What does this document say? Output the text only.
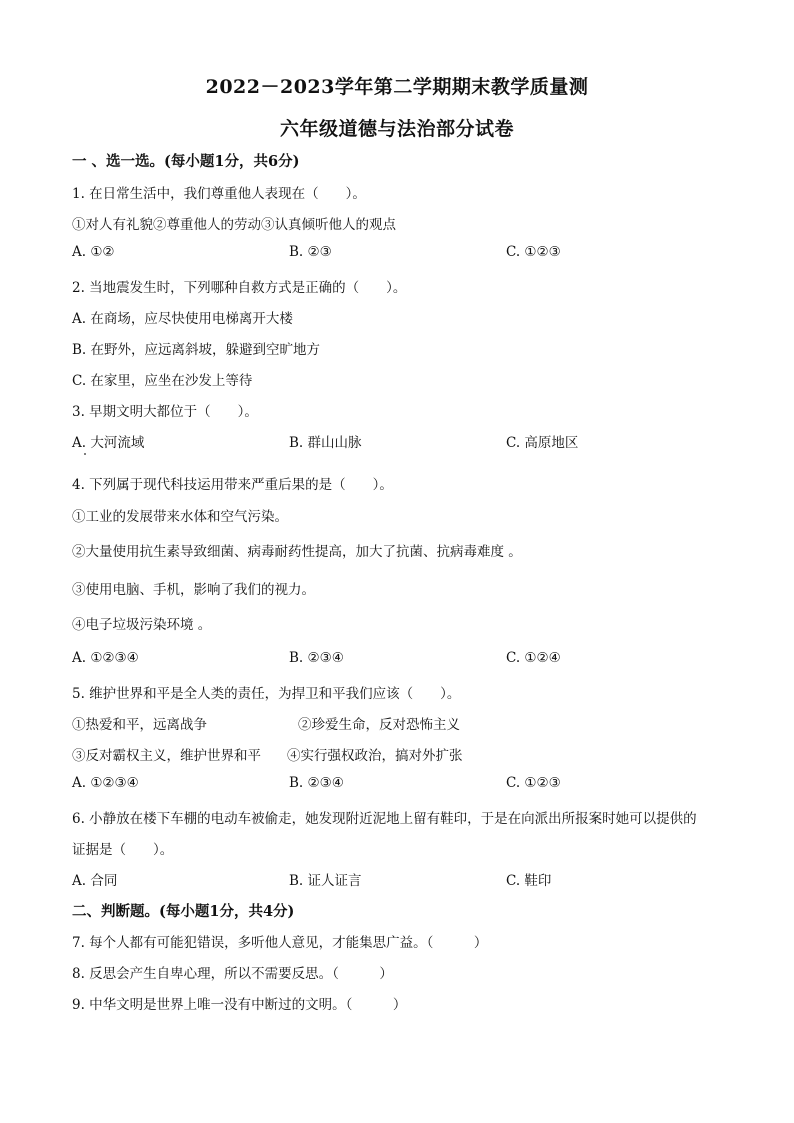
2022－2023学年第二学期期末教学质量测
六年级道德与法治部分试卷
一 、选一选。(每小题1分，共6分)
1. 在日常生活中，我们尊重他人表现在（　　）。
①对人有礼貌②尊重他人的劳动③认真倾听他人的观点
A. ①②	B. ②③	C. ①②③
2. 当地震发生时，下列哪种自救方式是正确的（　　）。
A. 在商场，应尽快使用电梯离开大楼
B. 在野外，应远离斜坡，躲避到空旷地方
C. 在家里，应坐在沙发上等待
3. 早期文明大都位于（　　）。
A. 大河流域	B. 群山山脉	C. 高原地区
4. 下列属于现代科技运用带来严重后果的是（　　）。
①工业的发展带来水体和空气污染。
②大量使用抗生素导致细菌、病毒耐药性提高，加大了抗菌、抗病毒难度 。
③使用电脑、手机，影响了我们的视力。
④电子垃圾污染环境 。
A. ①②③④	B. ②③④	C. ①②④
5. 维护世界和平是全人类的责任，为捍卫和平我们应该（　　）。
①热爱和平，远离战争	②珍爱生命，反对恐怖主义
③反对霸权主义，维护世界和平 ④实行强权政治，搞对外扩张
A. ①②③④	B. ②③④	C. ①②③
6. 小静放在楼下车棚的电动车被偷走，她发现附近泥地上留有鞋印，于是在向派出所报案时她可以提供的
证据是（　　）。
A. 合同	B. 证人证言	C. 鞋印
二、判断题。(每小题1分，共4分)
7. 每个人都有可能犯错误，多听他人意见，才能集思广益。（　　　）
8. 反思会产生自卑心理，所以不需要反思。（　　　）
9. 中华文明是世界上唯一没有中断过的文明。（　　　）
